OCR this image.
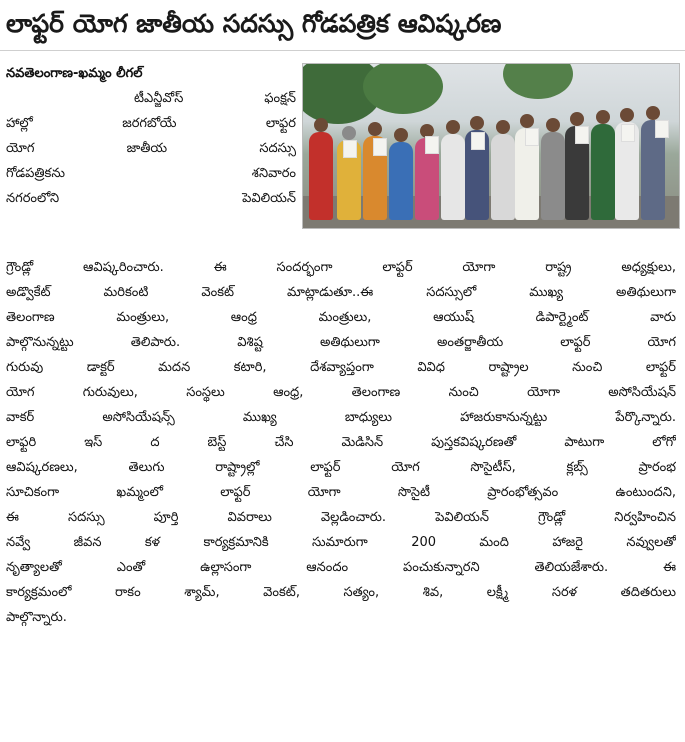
లాఫ్టర్ యోగ జాతీయ సదస్సు గోడపత్రిక ఆవిష్కరణ
నవతెలంగాణ-ఖమ్మం లీగల్
టీఎన్జీవోస్ ఫంక్షన్
హాల్లో జరగబోయే లాఫ్టర
యోగ జాతీయ సదస్సు
గోడపత్రికను శనివారం
నగరంలోని పెవిలియన్
గ్రౌండ్లో ఆవిష్కరించారు. ఈ సందర్భంగా లాఫ్టర్ యోగా రాష్ట్ర అధ్యక్షులు,
అడ్వొకేట్ మరికంటి వెంకట్ మాట్లాడుతూ..ఈ సదస్సులో ముఖ్య అతిథులుగా
తెలంగాణ మంత్రులు, ఆంధ్ర మంత్రులు, ఆయుష్ డిపార్ట్మెంట్ వారు
పాల్గొనున్నట్టు తెలిపారు. విశిష్ట అతిథులుగా అంతర్జాతీయ లాఫ్టర్ యోగ
గురువు డాక్టర్ మదన కటారి, దేశవ్యాప్తంగా వివిధ రాష్ట్రాల నుంచి లాఫ్టర్
యోగ గురువులు, సంస్థలు ఆంధ్ర, తెలంగాణ నుంచి యోగా అసోసియేషన్
వాకర్ అసోసియేషన్స్ ముఖ్య బాధ్యులు హాజరుకానున్నట్టు పేర్కొన్నారు.
లాఫ్టరి ఇస్ ద బెస్ట్ చేసి మెడిసిన్ పుస్తకవిష్కరణతో పాటుగా లోగో
ఆవిష్కరణలు, తెలుగు రాష్ట్రాల్లో లాఫ్టర్ యోగ సొసైటీస్, క్లబ్స్ ప్రారంభ
సూచికంగా ఖమ్మంలో లాఫ్టర్ యోగా సొసైటీ ప్రారంభోత్సవం ఉంటుందని,
ఈ సదస్సు పూర్తి వివరాలు వెల్లడించారు. పెవిలియన్ గ్రౌండ్లో నిర్వహించిన
నవ్వే జీవన కళ కార్యక్రమానికి సుమారుగా 200 మంది హాజరై నవ్వులతో
నృత్యాలతో ఎంతో ఉల్లాసంగా ఆనందం పంచుకున్నారని తెలియజేశారు. ఈ
కార్యక్రమంలో రాకం శ్యామ్, వెంకట్, సత్యం, శివ, లక్ష్మీ సరళ తదితరులు
పాల్గొన్నారు.
